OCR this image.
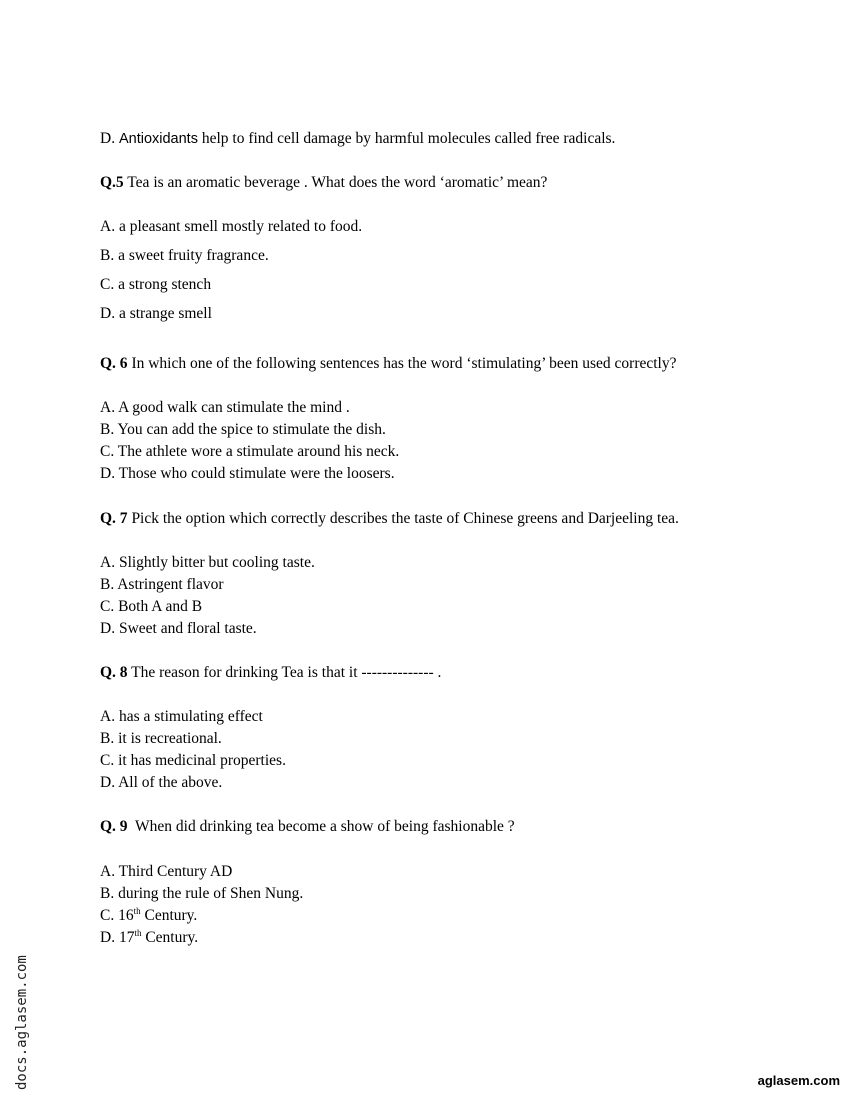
D. Antioxidants help to find cell damage by harmful molecules called free radicals.
Q.5 Tea is an aromatic beverage . What does the word ‘aromatic’ mean?
A. a pleasant smell mostly related to food.
B. a sweet fruity fragrance.
C. a strong stench
D. a strange smell
Q. 6 In which one of the following sentences has the word ‘stimulating’ been used correctly?
A. A good walk can stimulate the mind .
B. You can add the spice to stimulate the dish.
C. The athlete wore a stimulate around his neck.
D. Those who could stimulate were the loosers.
Q. 7 Pick the option which correctly describes the taste of Chinese greens and Darjeeling tea.
A. Slightly bitter but cooling taste.
B. Astringent flavor
C. Both A and B
D. Sweet and floral taste.
Q. 8 The reason for drinking Tea is that it -------------- .
A. has a stimulating effect
B. it is recreational.
C. it has medicinal properties.
D. All of the above.
Q. 9  When did drinking tea become a show of being fashionable ?
A. Third Century AD
B. during the rule of Shen Nung.
C. 16th Century.
D. 17th Century.
docs.aglasem.com	aglasem.com
